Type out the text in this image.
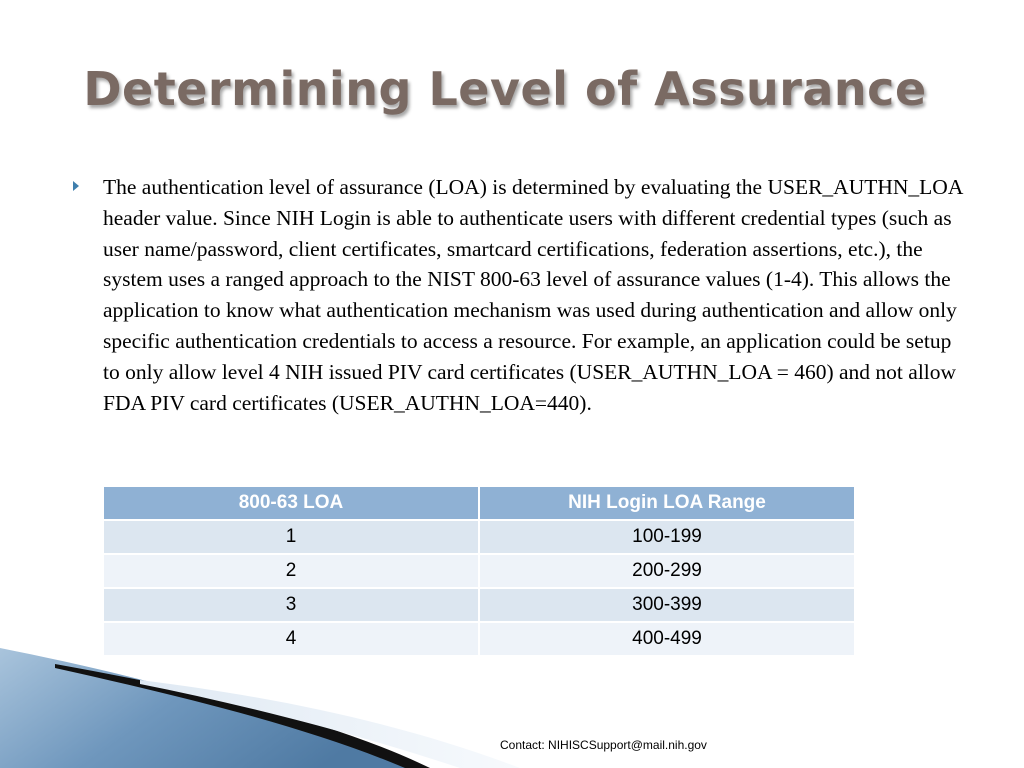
Determining Level of Assurance

The authentication level of assurance (LOA) is determined by evaluating the USER_AUTHN_LOA header value. Since NIH Login is able to authenticate users with different credential types (such as user name/password, client certificates, smartcard certifications, federation assertions, etc.), the system uses a ranged approach to the NIST 800-63 level of assurance values (1-4). This allows the application to know what authentication mechanism was used during authentication and allow only specific authentication credentials to access a resource. For example, an application could be setup to only allow level 4 NIH issued PIV card certificates (USER_AUTHN_LOA = 460) and not allow FDA PIV card certificates (USER_AUTHN_LOA=440).

800-63 LOA	NIH Login LOA Range
1	100-199
2	200-299
3	300-399
4	400-499
Contact: NIHISCSupport@mail.nih.gov
